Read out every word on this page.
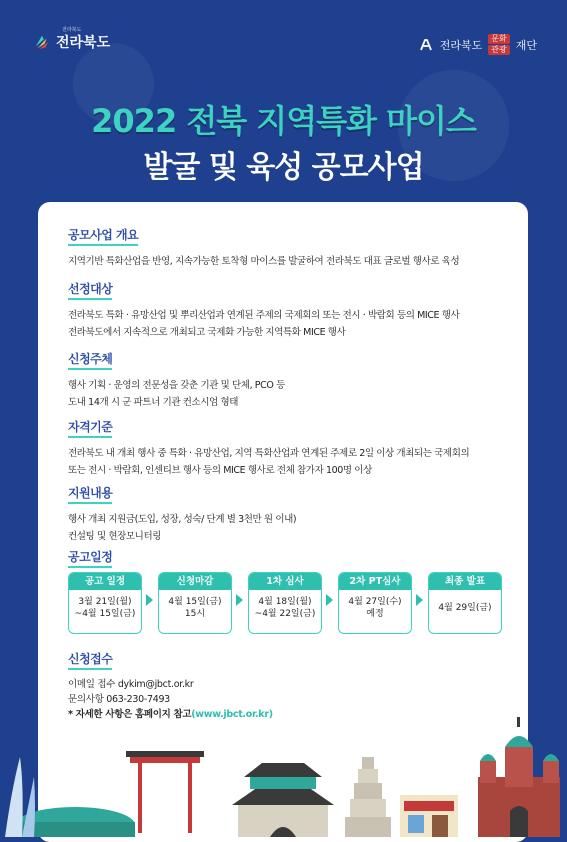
전라북도
전라북도	전라북도	문화
관광 재단
2022 전북 지역특화 마이스
발굴 및 육성 공모사업
공모사업 개요
지역기반 특화산업을 반영, 지속가능한 토착형 마이스를 발굴하여 전라북도 대표 글로벌 행사로 육성
선정대상
전라북도 특화 · 유망산업 및 뿌리산업과 연계된 주제의 국제회의 또는 전시 · 박람회 등의 MICE 행사
전라북도에서 지속적으로 개최되고 국제화 가능한 지역특화 MICE 행사
신청주체
행사 기획 · 운영의 전문성을 갖춘 기관 및 단체, PCO 등
도내 14개 시 군 파트너 기관 컨소시엄 형태
자격기준
전라북도 내 개최 행사 중 특화 · 유망산업, 지역 특화산업과 연계된 주제로 2일 이상 개최되는 국제회의
또는 전시 · 박람회, 인센티브 행사 등의 MICE 행사로 전체 참가자 100명 이상
지원내용
행사 개최 지원금(도입, 성장, 성숙/ 단계 별 3천만 원 이내)
컨설팅 및 현장모니터링
공고일정
공고 일정
3월 21일(월)
~4월 15일(금)
신청마감
4월 15일(금)
15시
1차 심사
4월 18일(월)
~4월 22일(금)
2차 PT심사
4월 27일(수)
예정
최종 발표
4월 29일(금)
신청접수
이메일 접수 dykim@jbct.or.kr
문의사항 063-230-7493
* 자세한 사항은 홈페이지 참고(www.jbct.or.kr)
